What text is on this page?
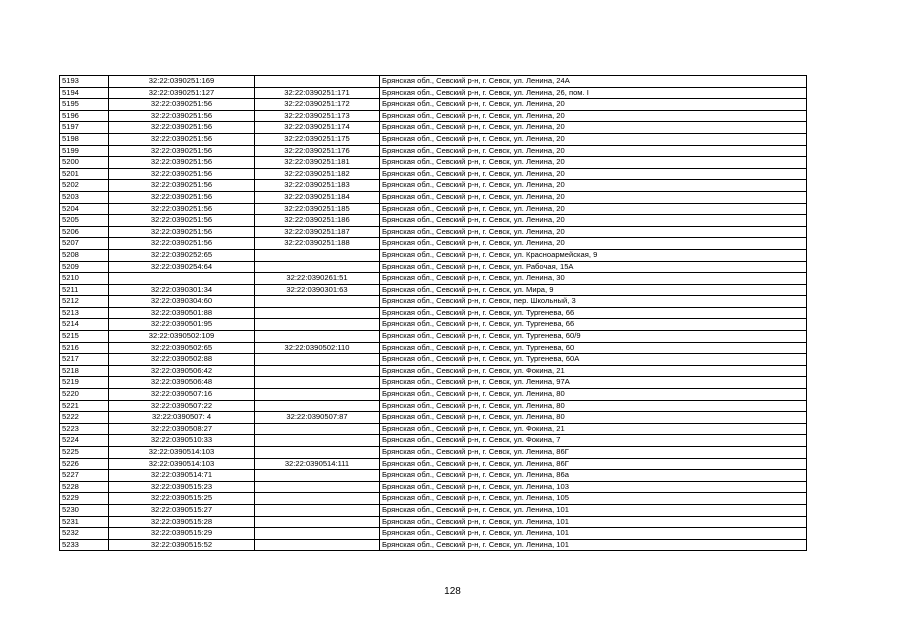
5193	32:22:0390251:169		Брянская обл., Севский р-н, г. Севск, ул. Ленина, 24А
5194	32:22:0390251:127	32:22:0390251:171	Брянская обл., Севский р-н, г. Севск, ул. Ленина, 26, пом. I
5195	32:22:0390251:56	32:22:0390251:172	Брянская обл., Севский р-н, г. Севск, ул. Ленина, 20
5196	32:22:0390251:56	32:22:0390251:173	Брянская обл., Севский р-н, г. Севск, ул. Ленина, 20
5197	32:22:0390251:56	32:22:0390251:174	Брянская обл., Севский р-н, г. Севск, ул. Ленина, 20
5198	32:22:0390251:56	32:22:0390251:175	Брянская обл., Севский р-н, г. Севск, ул. Ленина, 20
5199	32:22:0390251:56	32:22:0390251:176	Брянская обл., Севский р-н, г. Севск, ул. Ленина, 20
5200	32:22:0390251:56	32:22:0390251:181	Брянская обл., Севский р-н, г. Севск, ул. Ленина, 20
5201	32:22:0390251:56	32:22:0390251:182	Брянская обл., Севский р-н, г. Севск, ул. Ленина, 20
5202	32:22:0390251:56	32:22:0390251:183	Брянская обл., Севский р-н, г. Севск, ул. Ленина, 20
5203	32:22:0390251:56	32:22:0390251:184	Брянская обл., Севский р-н, г. Севск, ул. Ленина, 20
5204	32:22:0390251:56	32:22:0390251:185	Брянская обл., Севский р-н, г. Севск, ул. Ленина, 20
5205	32:22:0390251:56	32:22:0390251:186	Брянская обл., Севский р-н, г. Севск, ул. Ленина, 20
5206	32:22:0390251:56	32:22:0390251:187	Брянская обл., Севский р-н, г. Севск, ул. Ленина, 20
5207	32:22:0390251:56	32:22:0390251:188	Брянская обл., Севский р-н, г. Севск, ул. Ленина, 20
5208	32:22:0390252:65		Брянская обл., Севский р-н, г. Севск, ул. Красноармейская, 9
5209	32:22:0390254:64		Брянская обл., Севский р-н, г. Севск, ул. Рабочая, 15А
5210		32:22:0390261:51	Брянская обл., Севский р-н, г. Севск, ул. Ленина, 30
5211	32:22:0390301:34	32:22:0390301:63	Брянская обл., Севский р-н, г. Севск, ул. Мира, 9
5212	32:22:0390304:60		Брянская обл., Севский р-н, г. Севск, пер. Школьный, 3
5213	32:22:0390501:88		Брянская обл., Севский р-н, г. Севск, ул. Тургенева, 66
5214	32:22:0390501:95		Брянская обл., Севский р-н, г. Севск, ул. Тургенева, 66
5215	32:22:0390502:109		Брянская обл., Севский р-н, г. Севск, ул. Тургенева, 60/9
5216	32:22:0390502:65	32:22:0390502:110	Брянская обл., Севский р-н, г. Севск, ул. Тургенева, 60
5217	32:22:0390502:88		Брянская обл., Севский р-н, г. Севск, ул. Тургенева, 60А
5218	32:22:0390506:42		Брянская обл., Севский р-н, г. Севск, ул. Фокина, 21
5219	32:22:0390506:48		Брянская обл., Севский р-н, г. Севск, ул. Ленина, 97А
5220	32:22:0390507:16		Брянская обл., Севский р-н, г. Севск, ул. Ленина, 80
5221	32:22:0390507:22		Брянская обл., Севский р-н, г. Севск, ул. Ленина, 80
5222	32:22:0390507: 4	32:22:0390507:87	Брянская обл., Севский р-н, г. Севск, ул. Ленина, 80
5223	32:22:0390508:27		Брянская обл., Севский р-н, г. Севск, ул. Фокина, 21
5224	32:22:0390510:33		Брянская обл., Севский р-н, г. Севск, ул. Фокина, 7
5225	32:22:0390514:103		Брянская обл., Севский р-н, г. Севск, ул. Ленина, 86Г
5226	32:22:0390514:103	32:22:0390514:111	Брянская обл., Севский р-н, г. Севск, ул. Ленина, 86Г
5227	32:22:0390514:71		Брянская обл., Севский р-н, г. Севск, ул. Ленина, 86а
5228	32:22:0390515:23		Брянская обл., Севский р-н, г. Севск, ул. Ленина, 103
5229	32:22:0390515:25		Брянская обл., Севский р-н, г. Севск, ул. Ленина, 105
5230	32:22:0390515:27		Брянская обл., Севский р-н, г. Севск, ул. Ленина, 101
5231	32:22:0390515:28		Брянская обл., Севский р-н, г. Севск, ул. Ленина, 101
5232	32:22:0390515:29		Брянская обл., Севский р-н, г. Севск, ул. Ленина, 101
5233	32:22:0390515:52		Брянская обл., Севский р-н, г. Севск, ул. Ленина, 101
128
